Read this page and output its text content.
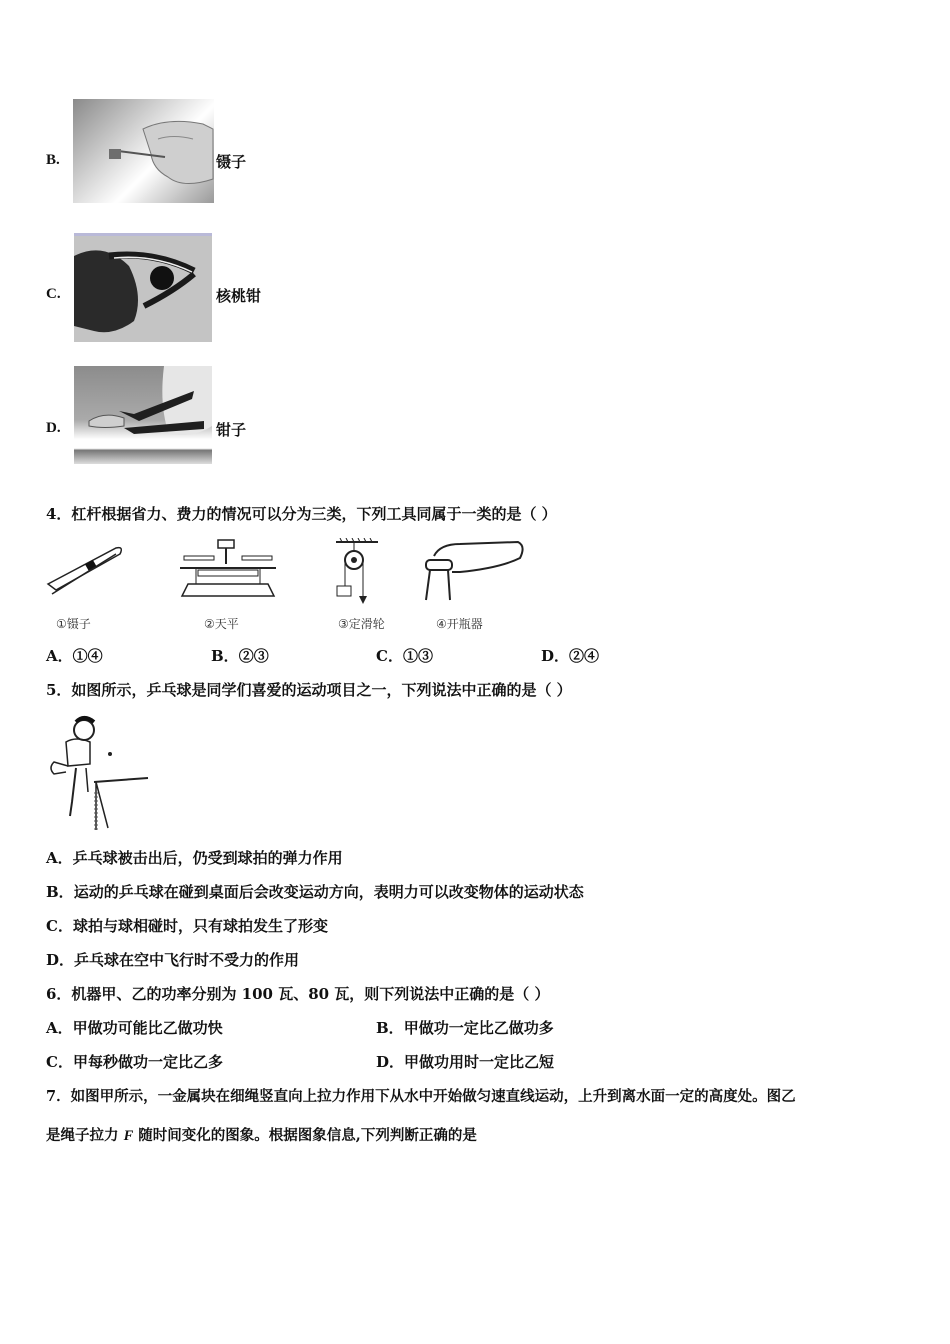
B.	镊子
C.	核桃钳
D.	钳子
4．杠杆根据省力、费力的情况可以分为三类，下列工具同属于一类的是（ ）
①镊子	②天平	③定滑轮	④开瓶器
A．①④	B．②③	C．①③	D．②④
5．如图所示，乒乓球是同学们喜爱的运动项目之一，下列说法中正确的是（ ）
A．乒乓球被击出后，仍受到球拍的弹力作用
B．运动的乒乓球在碰到桌面后会改变运动方向，表明力可以改变物体的运动状态
C．球拍与球相碰时，只有球拍发生了形变
D．乒乓球在空中飞行时不受力的作用
6．机器甲、乙的功率分别为 100 瓦、80 瓦，则下列说法中正确的是（ ）
A．甲做功可能比乙做功快	B．甲做功一定比乙做功多
C．甲每秒做功一定比乙多	D．甲做功用时一定比乙短
7．如图甲所示，一金属块在细绳竖直向上拉力作用下从水中开始做匀速直线运动，上升到离水面一定的高度处。图乙
是绳子拉力 F 随时间变化的图象。根据图象信息,下列判断正确的是
